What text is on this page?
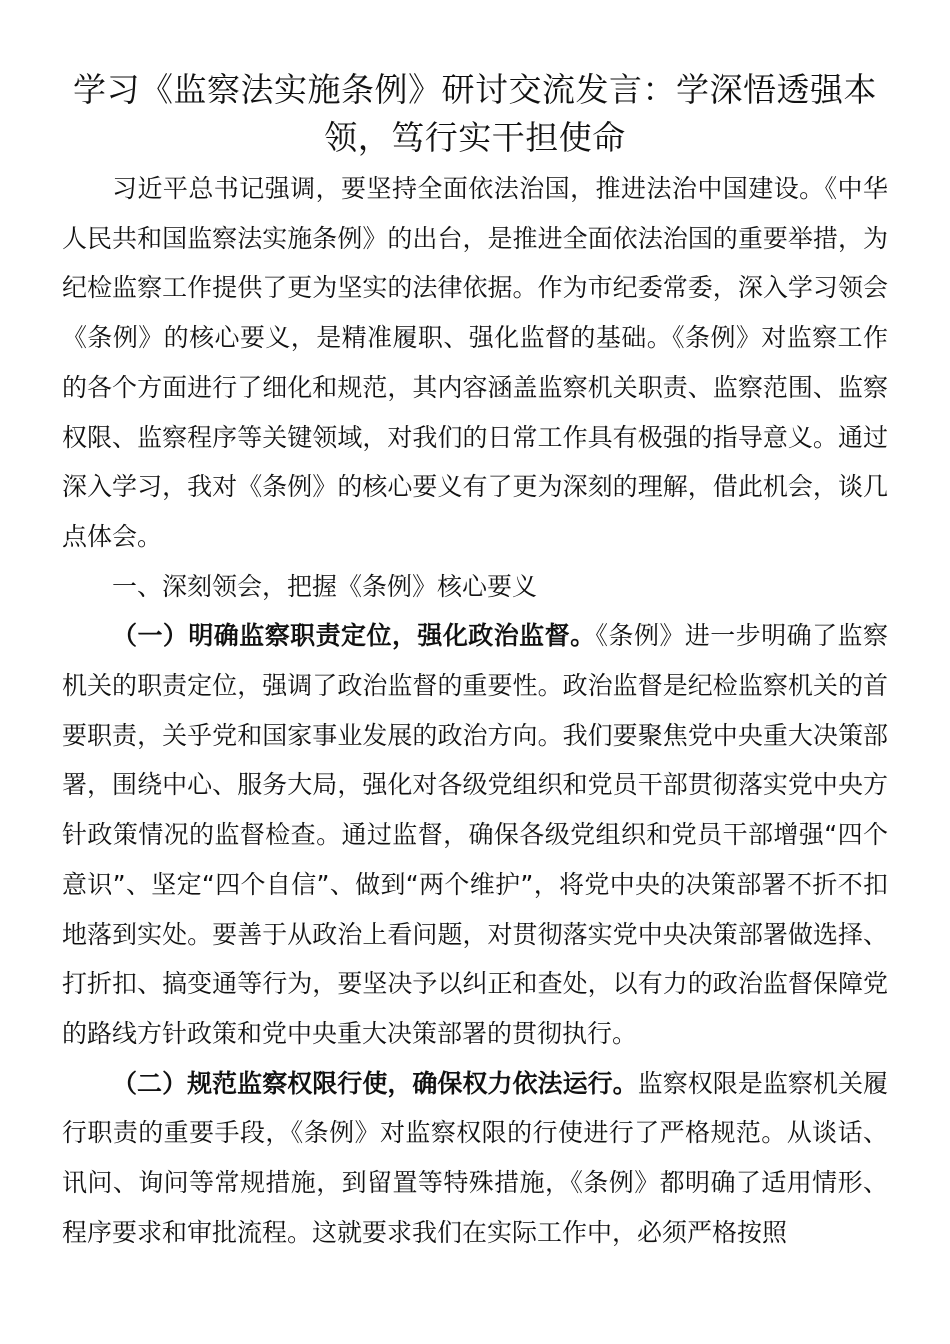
学习《监察法实施条例》研讨交流发言：学深悟透强本领，笃行实干担使命

习近平总书记强调，要坚持全面依法治国，推进法治中国建设。《中华人民共和国监察法实施条例》的出台，是推进全面依法治国的重要举措，为纪检监察工作提供了更为坚实的法律依据。作为市纪委常委，深入学习领会《条例》的核心要义，是精准履职、强化监督的基础。《条例》对监察工作的各个方面进行了细化和规范，其内容涵盖监察机关职责、监察范围、监察权限、监察程序等关键领域，对我们的日常工作具有极强的指导意义。通过深入学习，我对《条例》的核心要义有了更为深刻的理解，借此机会，谈几点体会。

一、深刻领会，把握《条例》核心要义

（一）明确监察职责定位，强化政治监督。《条例》进一步明确了监察机关的职责定位，强调了政治监督的重要性。政治监督是纪检监察机关的首要职责，关乎党和国家事业发展的政治方向。我们要聚焦党中央重大决策部署，围绕中心、服务大局，强化对各级党组织和党员干部贯彻落实党中央方针政策情况的监督检查。通过监督，确保各级党组织和党员干部增强“四个意识”、坚定“四个自信”、做到“两个维护”，将党中央的决策部署不折不扣地落到实处。要善于从政治上看问题，对贯彻落实党中央决策部署做选择、打折扣、搞变通等行为，要坚决予以纠正和查处，以有力的政治监督保障党的路线方针政策和党中央重大决策部署的贯彻执行。

（二）规范监察权限行使，确保权力依法运行。监察权限是监察机关履行职责的重要手段，《条例》对监察权限的行使进行了严格规范。从谈话、讯问、询问等常规措施，到留置等特殊措施，《条例》都明确了适用情形、程序要求和审批流程。这就要求我们在实际工作中，必须严格按照
